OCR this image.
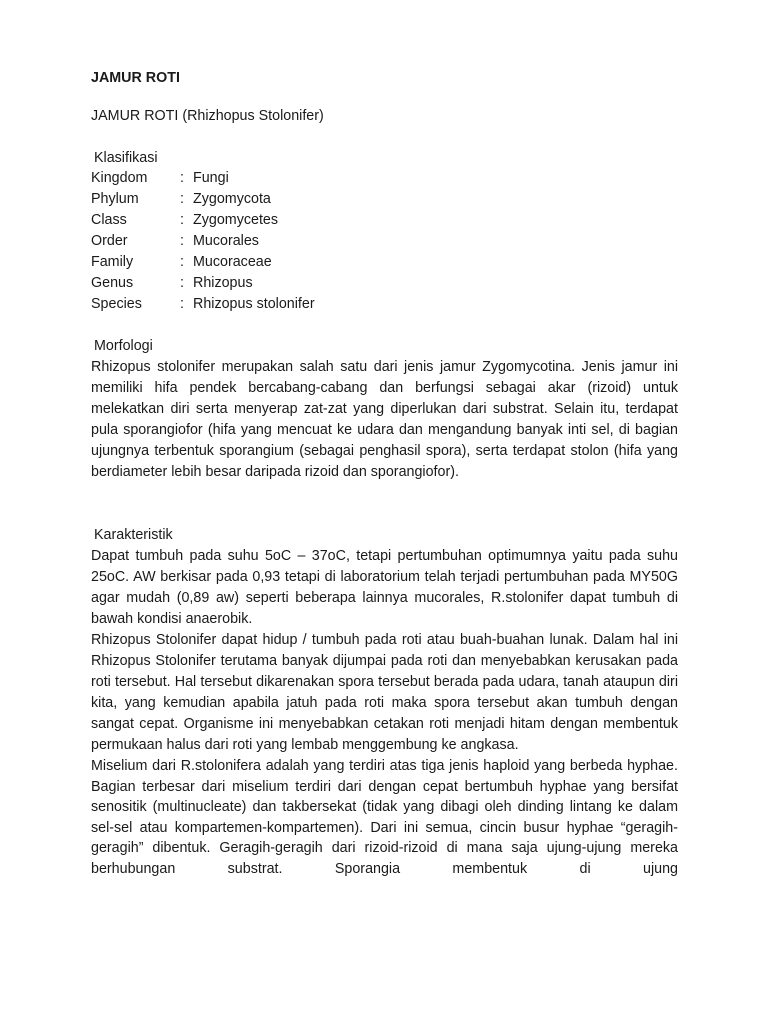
JAMUR ROTI
JAMUR ROTI (Rhizhopus Stolonifer)
Klasifikasi
Kingdom	: Fungi
Phylum	: Zygomycota
Class	: Zygomycetes
Order	: Mucorales
Family	: Mucoraceae
Genus	: Rhizopus
Species	: Rhizopus stolonifer
Morfologi

Rhizopus stolonifer merupakan salah satu dari jenis jamur Zygomycotina. Jenis jamur ini memiliki hifa pendek bercabang-cabang dan berfungsi sebagai akar (rizoid) untuk melekatkan diri serta menyerap zat-zat yang diperlukan dari substrat. Selain itu, terdapat pula sporangiofor (hifa yang mencuat ke udara dan mengandung banyak inti sel, di bagian ujungnya terbentuk sporangium (sebagai penghasil spora), serta terdapat stolon (hifa yang berdiameter lebih besar daripada rizoid dan sporangiofor).

Karakteristik

Dapat tumbuh pada suhu 5oC – 37oC, tetapi pertumbuhan optimumnya yaitu pada suhu 25oC. AW berkisar pada 0,93 tetapi di laboratorium telah terjadi pertumbuhan pada MY50G agar mudah (0,89 aw) seperti beberapa lainnya mucorales, R.stolonifer dapat tumbuh di bawah kondisi anaerobik.

Rhizopus Stolonifer dapat hidup / tumbuh pada roti atau buah-buahan lunak. Dalam hal ini Rhizopus Stolonifer terutama banyak dijumpai pada roti dan menyebabkan kerusakan pada roti tersebut. Hal tersebut dikarenakan spora tersebut berada pada udara, tanah ataupun diri kita, yang kemudian apabila jatuh pada roti maka spora tersebut akan tumbuh dengan sangat cepat. Organisme ini menyebabkan cetakan roti menjadi hitam dengan membentuk permukaan halus dari roti yang lembab menggembung ke angkasa.

Miselium dari R.stolonifera adalah yang terdiri atas tiga jenis haploid yang berbeda hyphae. Bagian terbesar dari miselium terdiri dari dengan cepat bertumbuh hyphae yang bersifat senositik (multinucleate) dan takbersekat (tidak yang dibagi oleh dinding lintang ke dalam sel-sel atau kompartemen-kompartemen). Dari ini semua, cincin busur hyphae “geragih-geragih” dibentuk. Geragih-geragih dari rizoid-rizoid di mana saja ujung-ujung mereka berhubungan substrat. Sporangia membentuk di ujung
